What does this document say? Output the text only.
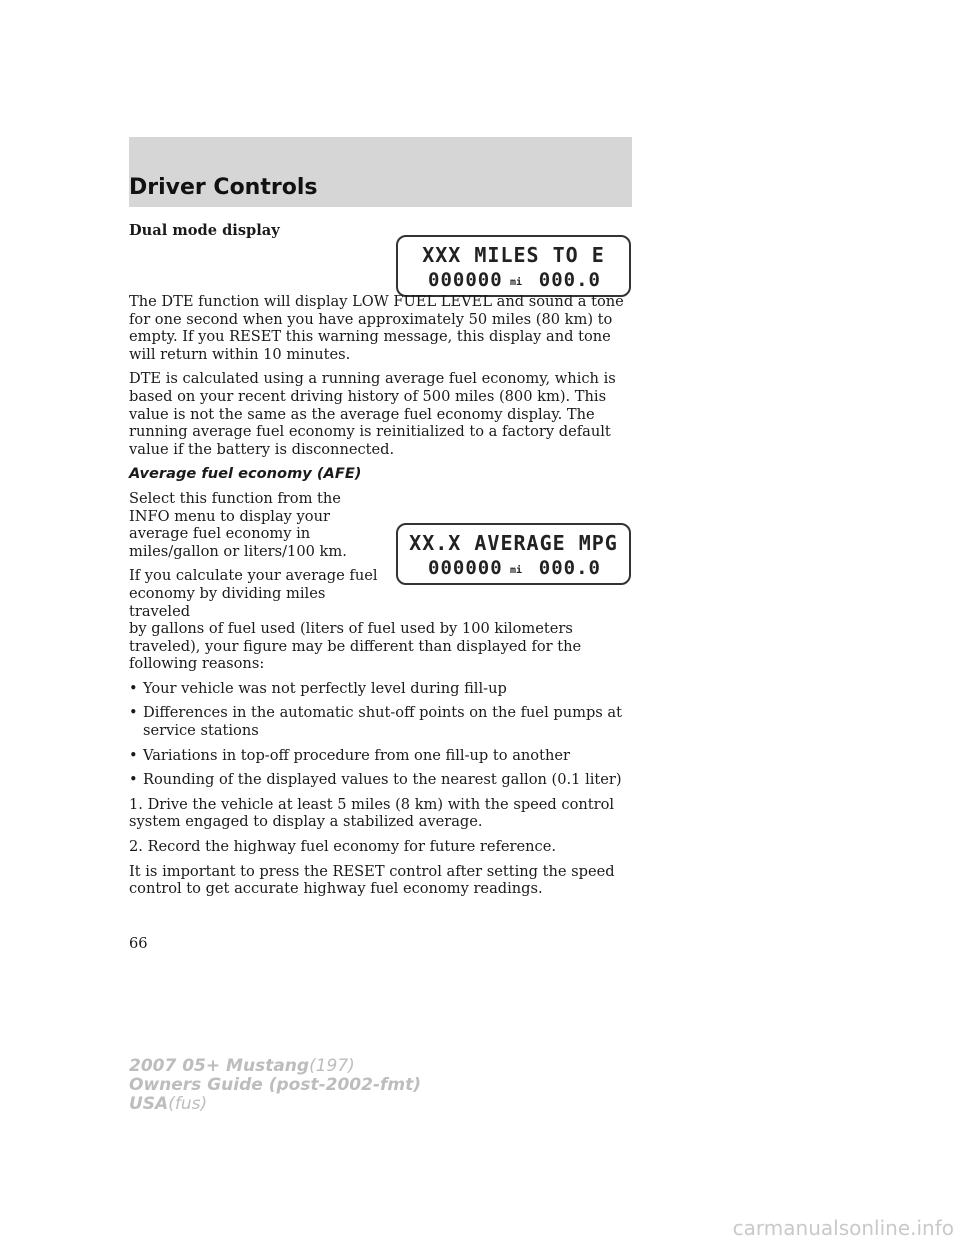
Driver Controls
XXX MILES TO E
000000 mi 000.0
XX.X AVERAGE MPG
000000 mi 000.0

Dual mode display

The DTE function will display LOW FUEL LEVEL and sound a tone for one second when you have approximately 50 miles (80 km) to empty. If you RESET this warning message, this display and tone will return within 10 minutes.

DTE is calculated using a running average fuel economy, which is based on your recent driving history of 500 miles (800 km). This value is not the same as the average fuel economy display. The running average fuel economy is reinitialized to a factory default value if the battery is disconnected.

Average fuel economy (AFE)

Select this function from the INFO menu to display your average fuel economy in miles/gallon or liters/100 km.

If you calculate your average fuel economy by dividing miles traveled

by gallons of fuel used (liters of fuel used by 100 kilometers traveled), your figure may be different than displayed for the following reasons:

• Your vehicle was not perfectly level during fill-up
• Differences in the automatic shut-off points on the fuel pumps at service stations
• Variations in top-off procedure from one fill-up to another
• Rounding of the displayed values to the nearest gallon (0.1 liter)

1. Drive the vehicle at least 5 miles (8 km) with the speed control system engaged to display a stabilized average.

2. Record the highway fuel economy for future reference.

It is important to press the RESET control after setting the speed control to get accurate highway fuel economy readings.

66
2007 05+ Mustang(197)
Owners Guide (post-2002-fmt)
USA(fus)
carmanualsonline.info
